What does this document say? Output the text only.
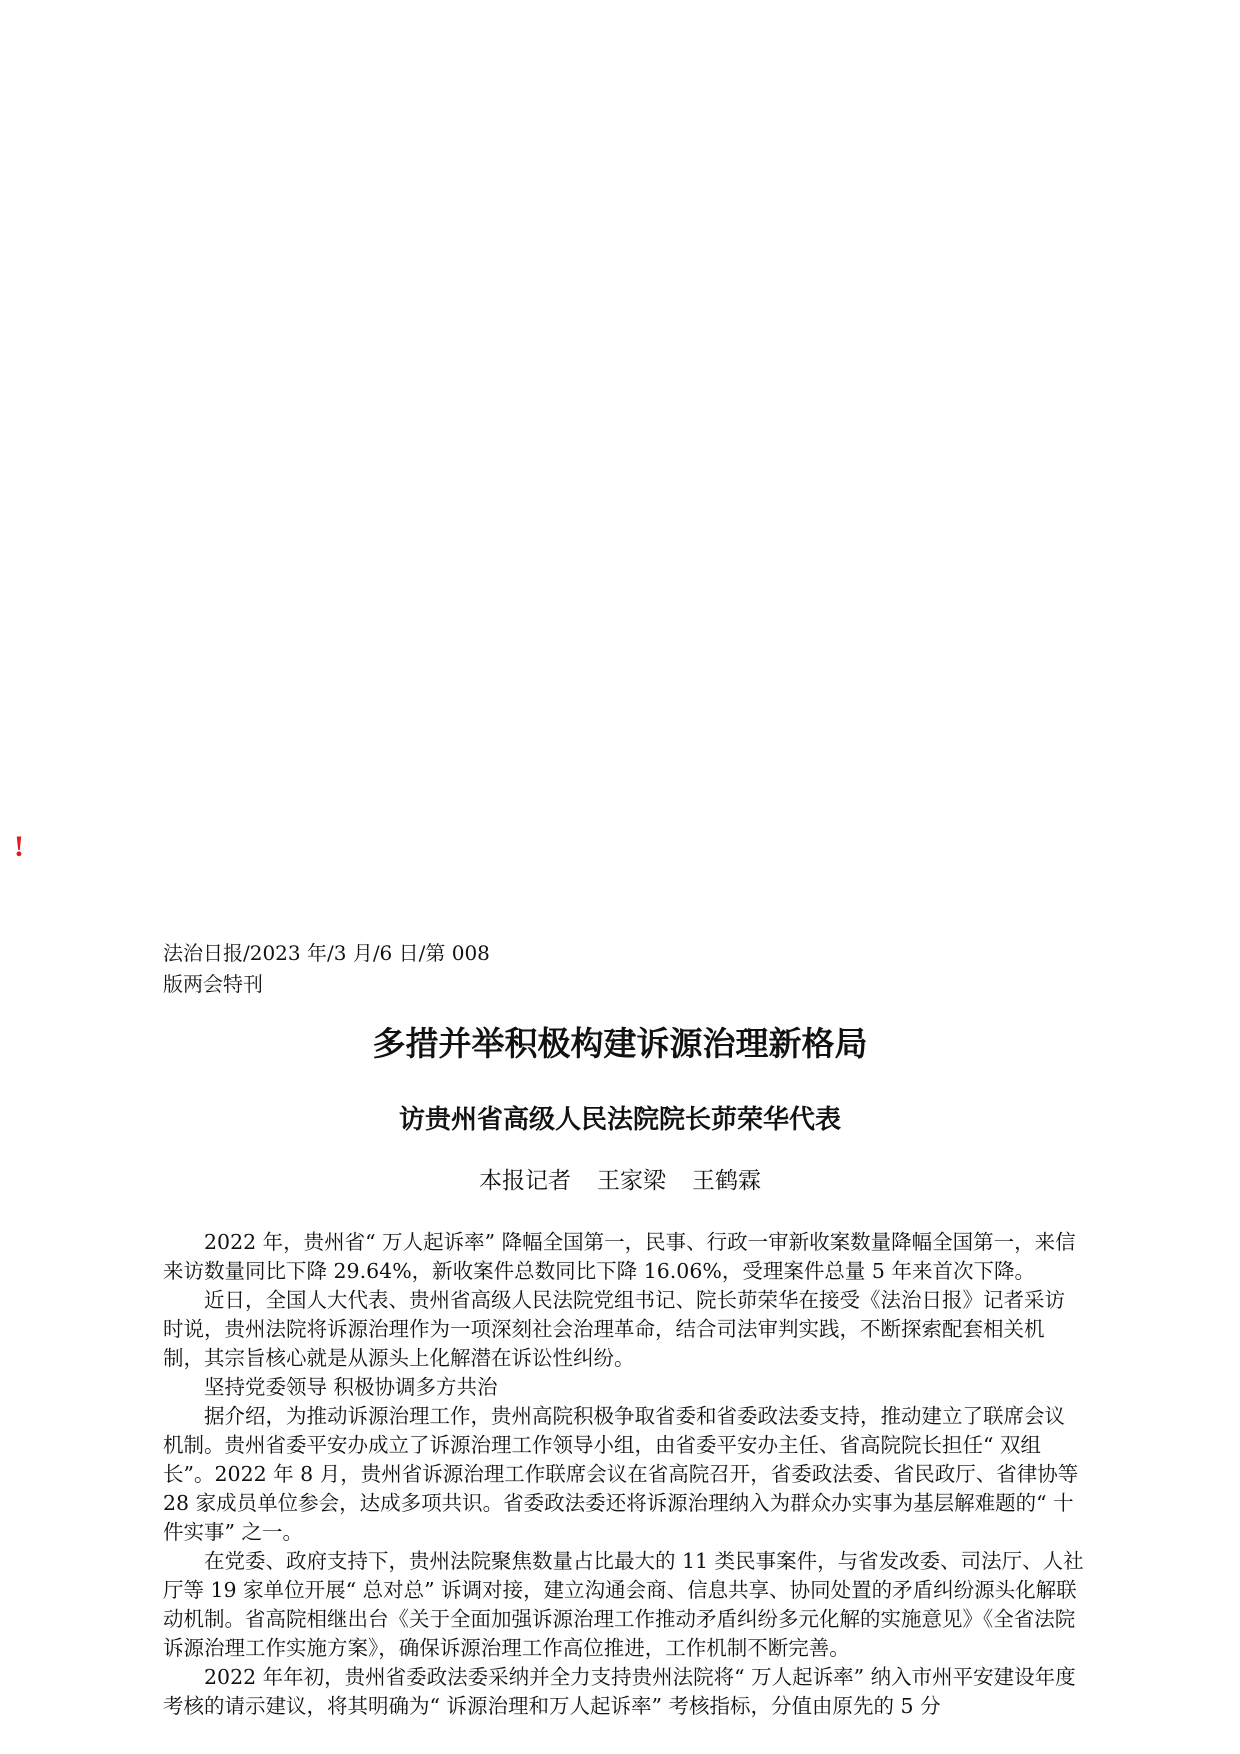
!
法治日报/2023 年/3 月/6 日/第 008
版两会特刊
多措并举积极构建诉源治理新格局
访贵州省高级人民法院院长茆荣华代表
本报记者 王家梁 王鹤霖

2022 年，贵州省“ 万人起诉率” 降幅全国第一，民事、行政一审新收案数量降幅全国第一，来信来访数量同比下降 29.64%，新收案件总数同比下降 16.06%，受理案件总量 5 年来首次下降。

近日，全国人大代表、贵州省高级人民法院党组书记、院长茆荣华在接受《法治日报》记者采访时说，贵州法院将诉源治理作为一项深刻社会治理革命，结合司法审判实践，不断探索配套相关机制，其宗旨核心就是从源头上化解潜在诉讼性纠纷。

坚持党委领导 积极协调多方共治

据介绍，为推动诉源治理工作，贵州高院积极争取省委和省委政法委支持，推动建立了联席会议机制。贵州省委平安办成立了诉源治理工作领导小组，由省委平安办主任、省高院院长担任“ 双组长”。2022 年 8 月，贵州省诉源治理工作联席会议在省高院召开，省委政法委、省民政厅、省律协等 28 家成员单位参会，达成多项共识。省委政法委还将诉源治理纳入为群众办实事为基层解难题的“ 十件实事” 之一。

在党委、政府支持下，贵州法院聚焦数量占比最大的 11 类民事案件，与省发改委、司法厅、人社厅等 19 家单位开展“ 总对总” 诉调对接，建立沟通会商、信息共享、协同处置的矛盾纠纷源头化解联动机制。省高院相继出台《关于全面加强诉源治理工作推动矛盾纠纷多元化解的实施意见》《全省法院诉源治理工作实施方案》，确保诉源治理工作高位推进，工作机制不断完善。

2022 年年初，贵州省委政法委采纳并全力支持贵州法院将“ 万人起诉率” 纳入市州平安建设年度考核的请示建议，将其明确为“ 诉源治理和万人起诉率” 考核指标，分值由原先的 5 分
